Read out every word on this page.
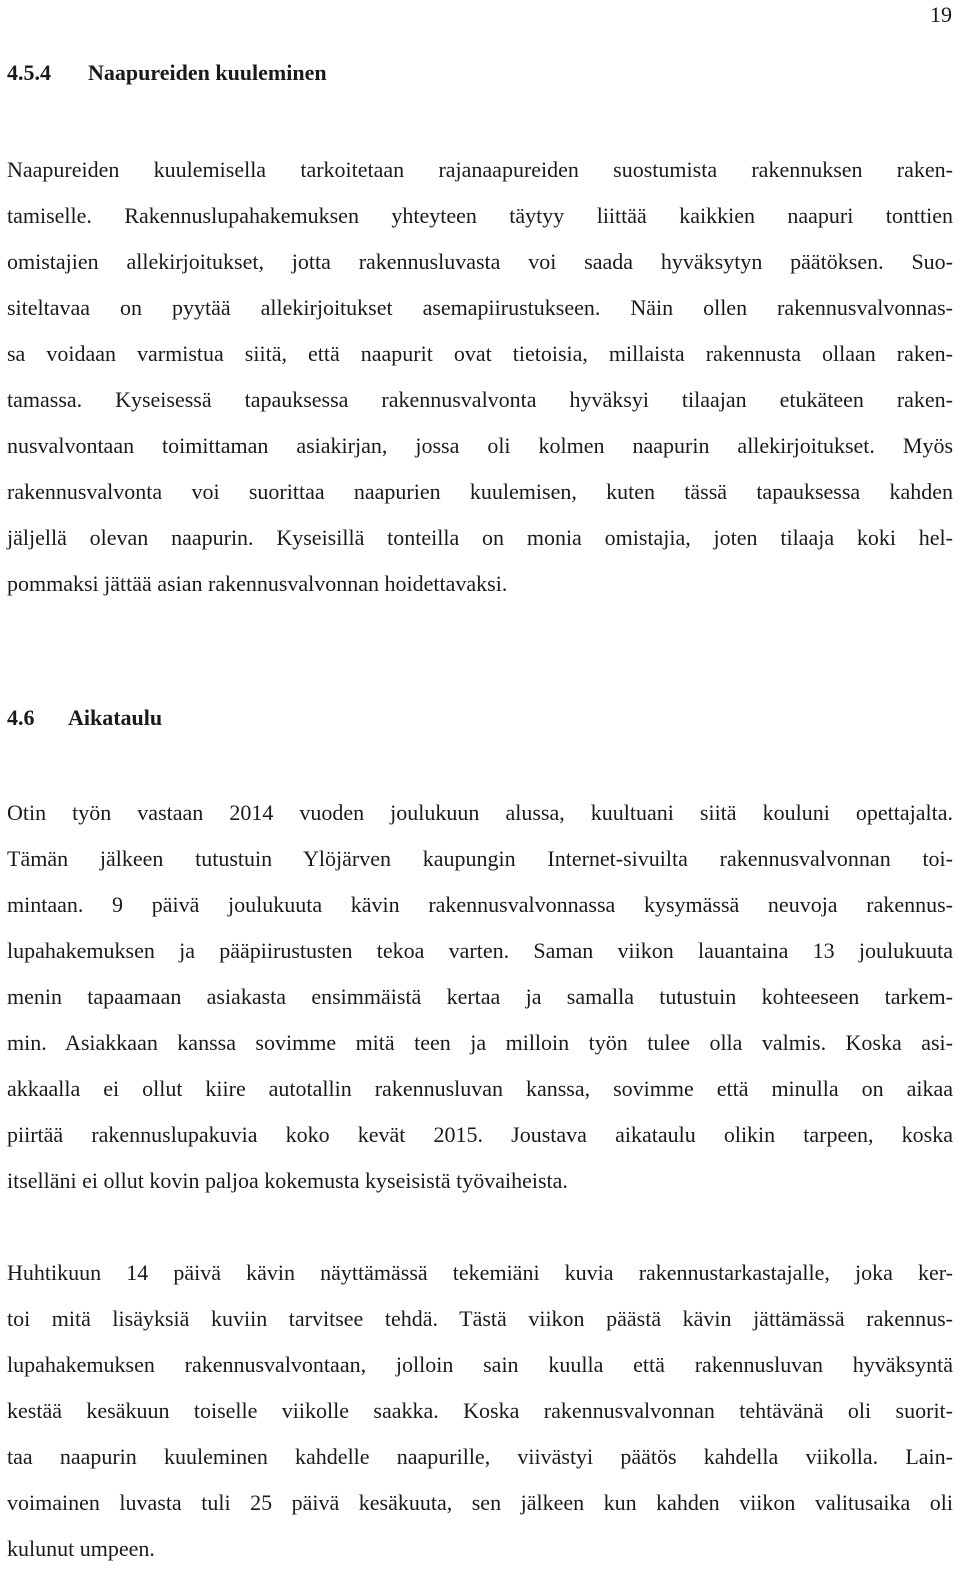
19
4.5.4 Naapureiden kuuleminen

Naapureiden kuulemisella tarkoitetaan rajanaapureiden suostumista rakennuksen raken-
tamiselle. Rakennuslupahakemuksen yhteyteen täytyy liittää kaikkien naapuri tonttien
omistajien allekirjoitukset, jotta rakennusluvasta voi saada hyväksytyn päätöksen. Suo-
siteltavaa on pyytää allekirjoitukset asemapiirustukseen. Näin ollen rakennusvalvonnas-
sa voidaan varmistua siitä, että naapurit ovat tietoisia, millaista rakennusta ollaan raken-
tamassa. Kyseisessä tapauksessa rakennusvalvonta hyväksyi tilaajan etukäteen raken-
nusvalvontaan toimittaman asiakirjan, jossa oli kolmen naapurin allekirjoitukset. Myös
rakennusvalvonta voi suorittaa naapurien kuulemisen, kuten tässä tapauksessa kahden
jäljellä olevan naapurin. Kyseisillä tonteilla on monia omistajia, joten tilaaja koki hel-
pommaksi jättää asian rakennusvalvonnan hoidettavaksi.

4.6 Aikataulu

Otin työn vastaan 2014 vuoden joulukuun alussa, kuultuani siitä kouluni opettajalta.
Tämän jälkeen tutustuin Ylöjärven kaupungin Internet-sivuilta rakennusvalvonnan toi-
mintaan. 9 päivä joulukuuta kävin rakennusvalvonnassa kysymässä neuvoja rakennus-
lupahakemuksen ja pääpiirustusten tekoa varten. Saman viikon lauantaina 13 joulukuuta
menin tapaamaan asiakasta ensimmäistä kertaa ja samalla tutustuin kohteeseen tarkem-
min. Asiakkaan kanssa sovimme mitä teen ja milloin työn tulee olla valmis. Koska asi-
akkaalla ei ollut kiire autotallin rakennusluvan kanssa, sovimme että minulla on aikaa
piirtää rakennuslupakuvia koko kevät 2015. Joustava aikataulu olikin tarpeen, koska
itselläni ei ollut kovin paljoa kokemusta kyseisistä työvaiheista.

Huhtikuun 14 päivä kävin näyttämässä tekemiäni kuvia rakennustarkastajalle, joka ker-
toi mitä lisäyksiä kuviin tarvitsee tehdä. Tästä viikon päästä kävin jättämässä rakennus-
lupahakemuksen rakennusvalvontaan, jolloin sain kuulla että rakennusluvan hyväksyntä
kestää kesäkuun toiselle viikolle saakka. Koska rakennusvalvonnan tehtävänä oli suorit-
taa naapurin kuuleminen kahdelle naapurille, viivästyi päätös kahdella viikolla. Lain-
voimainen luvasta tuli 25 päivä kesäkuuta, sen jälkeen kun kahden viikon valitusaika oli
kulunut umpeen.
